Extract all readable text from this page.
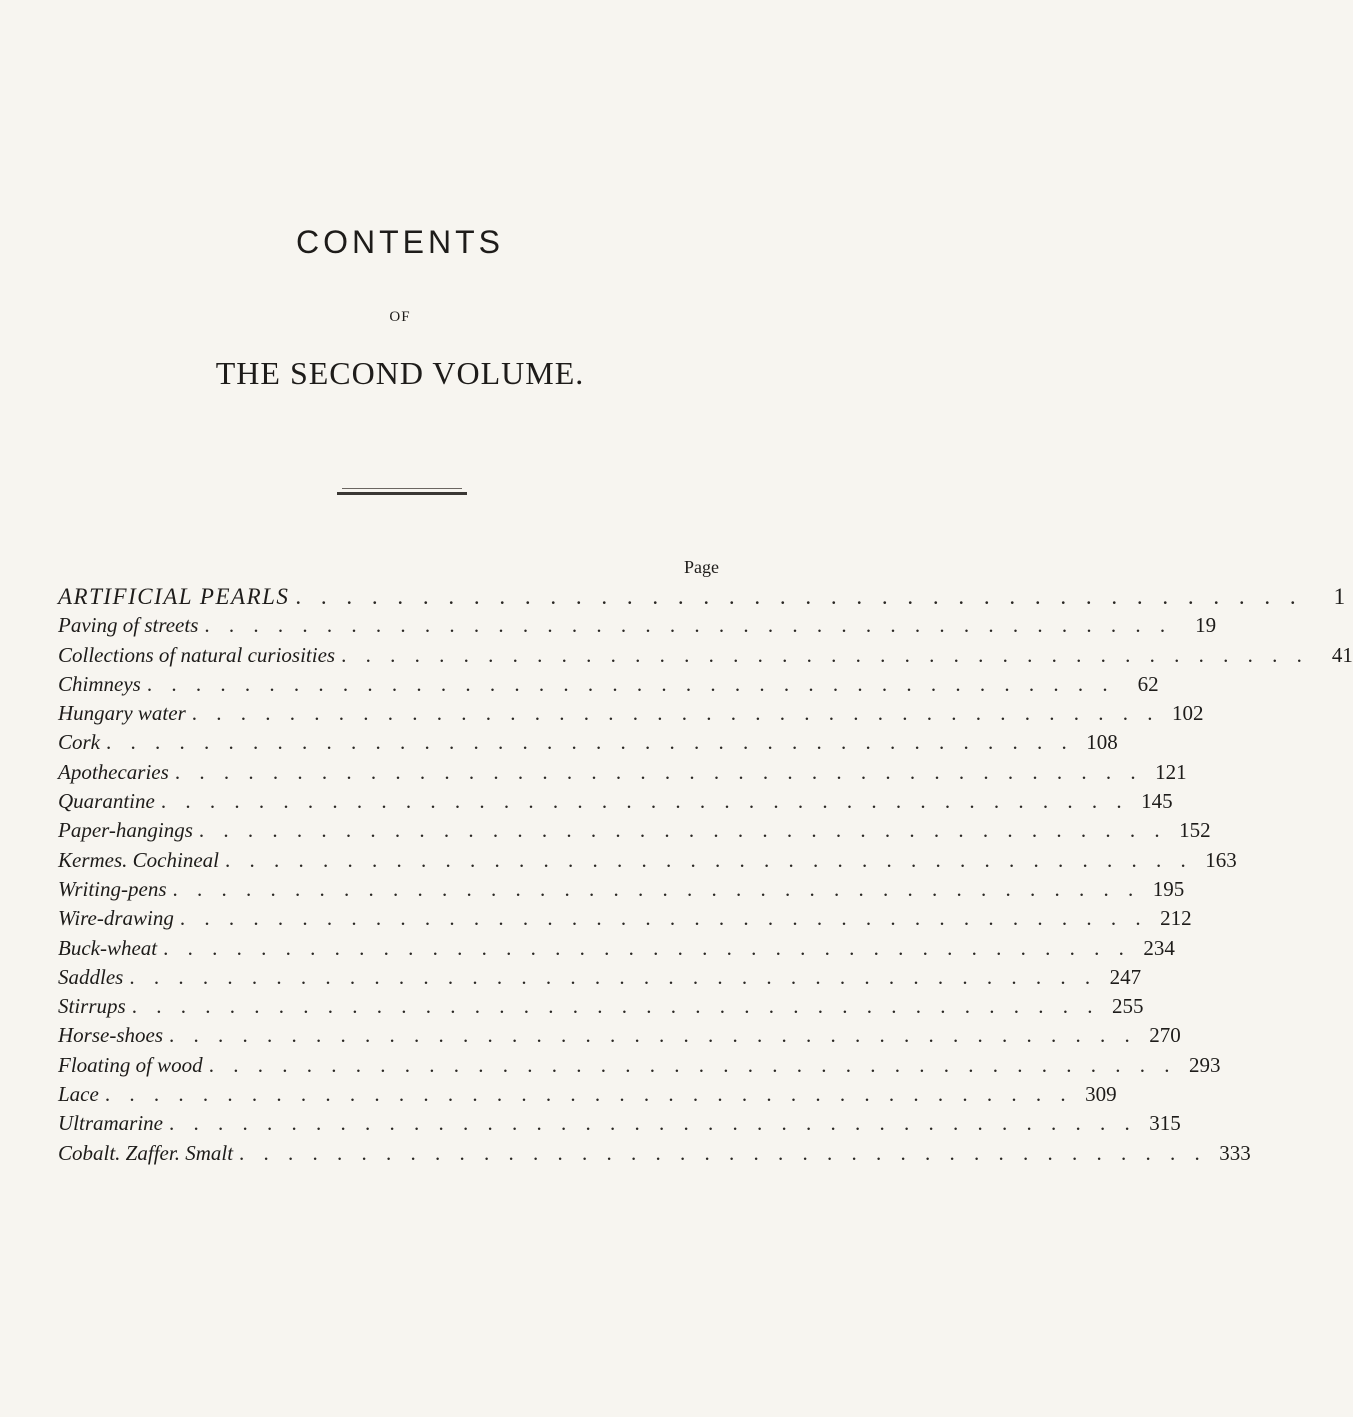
CONTENTS
OF
THE SECOND VOLUME.
Page
ARTIFICIAL PEARLS . . . . . . . . . . . . . . . . . . . . . . . . . . . . . . . . . . . . . . . .	1
Paving of streets . . . . . . . . . . . . . . . . . . . . . . . . . . . . . . . . . . . . . . . .	19
Collections of natural curiosities . . . . . . . . . . . . . . . . . . . . . . . . . . . . . . . . . . . . . . . .	41
Chimneys . . . . . . . . . . . . . . . . . . . . . . . . . . . . . . . . . . . . . . . .	62
Hungary water . . . . . . . . . . . . . . . . . . . . . . . . . . . . . . . . . . . . . . . . 102
Cork . . . . . . . . . . . . . . . . . . . . . . . . . . . . . . . . . . . . . . . . 108
Apothecaries . . . . . . . . . . . . . . . . . . . . . . . . . . . . . . . . . . . . . . . . 121
Quarantine . . . . . . . . . . . . . . . . . . . . . . . . . . . . . . . . . . . . . . . . 145
Paper-hangings . . . . . . . . . . . . . . . . . . . . . . . . . . . . . . . . . . . . . . . . 152
Kermes. Cochineal . . . . . . . . . . . . . . . . . . . . . . . . . . . . . . . . . . . . . . . . 163
Writing-pens . . . . . . . . . . . . . . . . . . . . . . . . . . . . . . . . . . . . . . . . 195
Wire-drawing . . . . . . . . . . . . . . . . . . . . . . . . . . . . . . . . . . . . . . . . 212
Buck-wheat . . . . . . . . . . . . . . . . . . . . . . . . . . . . . . . . . . . . . . . . 234
Saddles . . . . . . . . . . . . . . . . . . . . . . . . . . . . . . . . . . . . . . . . 247
Stirrups . . . . . . . . . . . . . . . . . . . . . . . . . . . . . . . . . . . . . . . . 255
Horse-shoes . . . . . . . . . . . . . . . . . . . . . . . . . . . . . . . . . . . . . . . . 270
Floating of wood . . . . . . . . . . . . . . . . . . . . . . . . . . . . . . . . . . . . . . . . 293
Lace . . . . . . . . . . . . . . . . . . . . . . . . . . . . . . . . . . . . . . . . 309
Ultramarine . . . . . . . . . . . . . . . . . . . . . . . . . . . . . . . . . . . . . . . . 315
Cobalt. Zaffer. Smalt . . . . . . . . . . . . . . . . . . . . . . . . . . . . . . . . . . . . . . . . 333
